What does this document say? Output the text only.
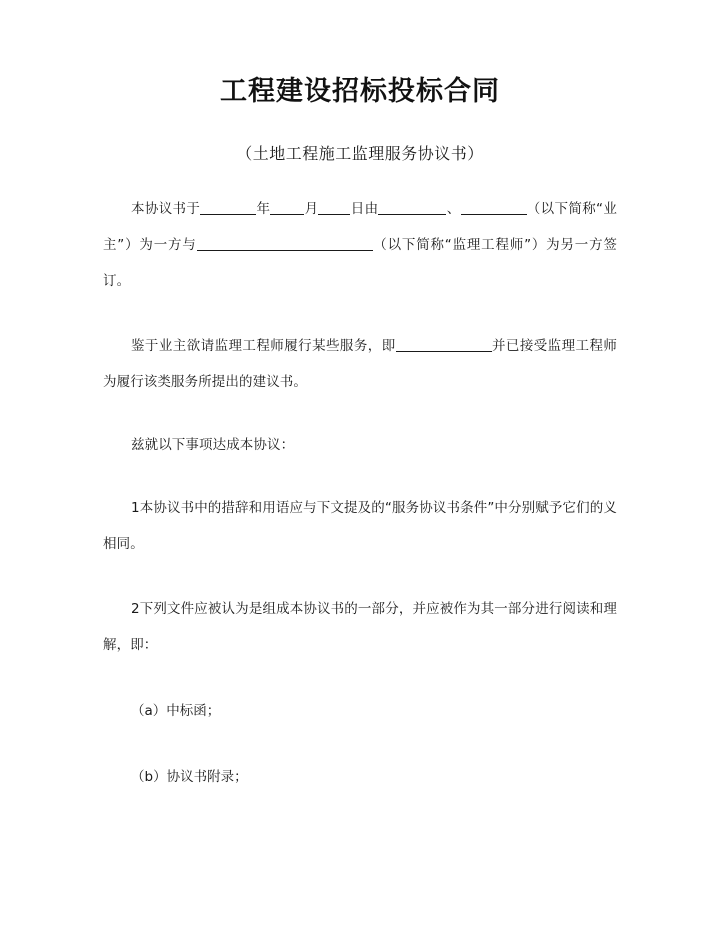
工程建设招标投标合同
（土地工程施工监理服务协议书）

本协议书于	年	月 日由	、	（以下简称“业主”）为一方与	（以下简称“监理工程师”）为另一方签订。

鉴于业主欲请监理工程师履行某些服务，即	并已接受监理工程师为履行该类服务所提出的建议书。

兹就以下事项达成本协议：

1本协议书中的措辞和用语应与下文提及的“服务协议书条件”中分别赋予它们的义相同。

2下列文件应被认为是组成本协议书的一部分，并应被作为其一部分进行阅读和理解，即：

（a）中标函；

（b）协议书附录；
